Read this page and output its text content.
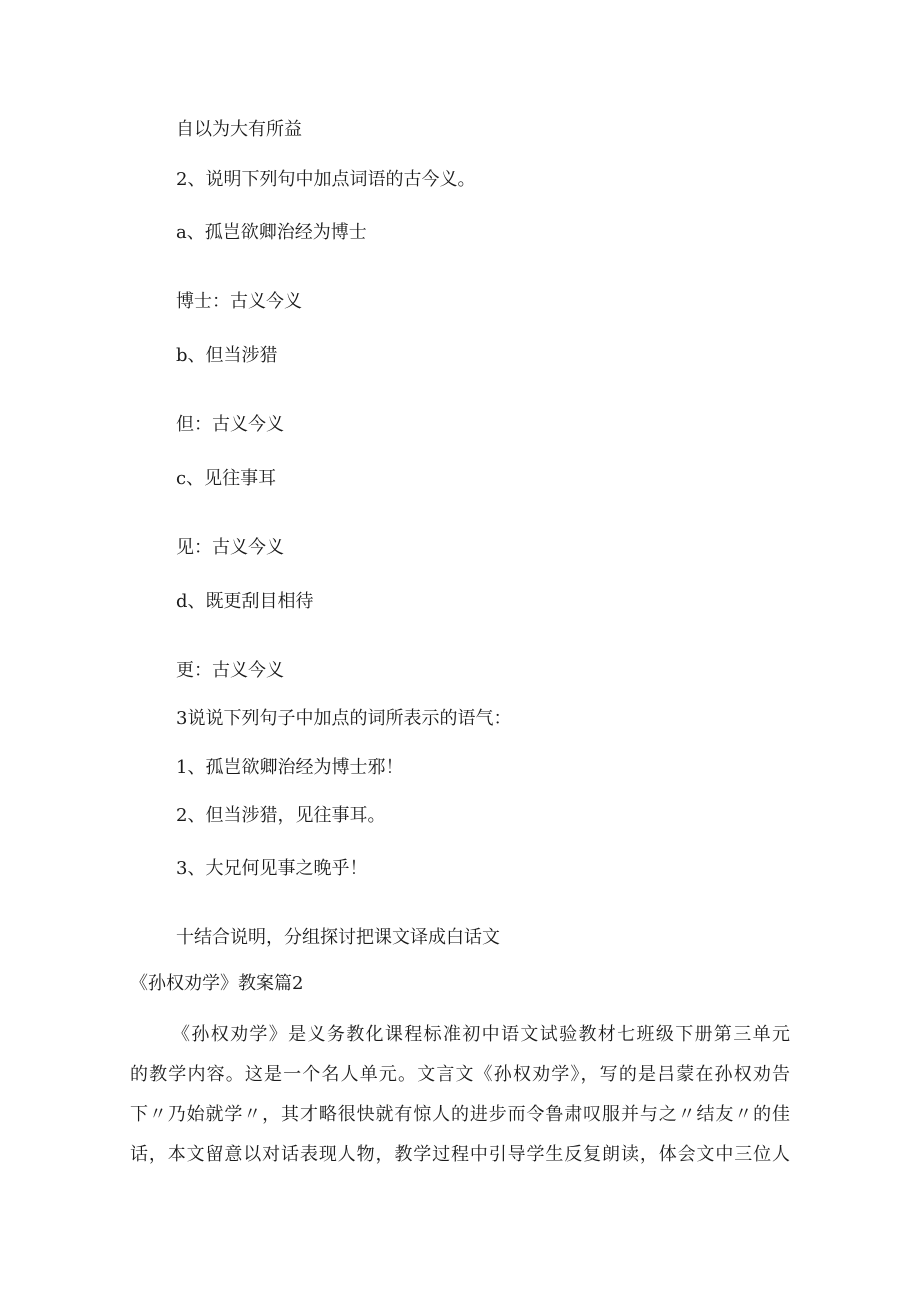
自以为大有所益
2、说明下列句中加点词语的古今义。
a、孤岂欲卿治经为博士
博士：古义今义
b、但当涉猎
但：古义今义
c、见往事耳
见：古义今义
d、既更刮目相待
更：古义今义
3说说下列句子中加点的词所表示的语气：
1、孤岂欲卿治经为博士邪！
2、但当涉猎，见往事耳。
3、大兄何见事之晚乎！
十结合说明，分组探讨把课文译成白话文
《孙权劝学》教案篇2
《孙权劝学》是义务教化课程标准初中语文试验教材七班级下册第三单元
的教学内容。这是一个名人单元。文言文《孙权劝学》，写的是吕蒙在孙权劝告
下〃乃始就学〃，其才略很快就有惊人的进步而令鲁肃叹服并与之〃结友〃的佳
话，本文留意以对话表现人物，教学过程中引导学生反复朗读，体会文中三位人
